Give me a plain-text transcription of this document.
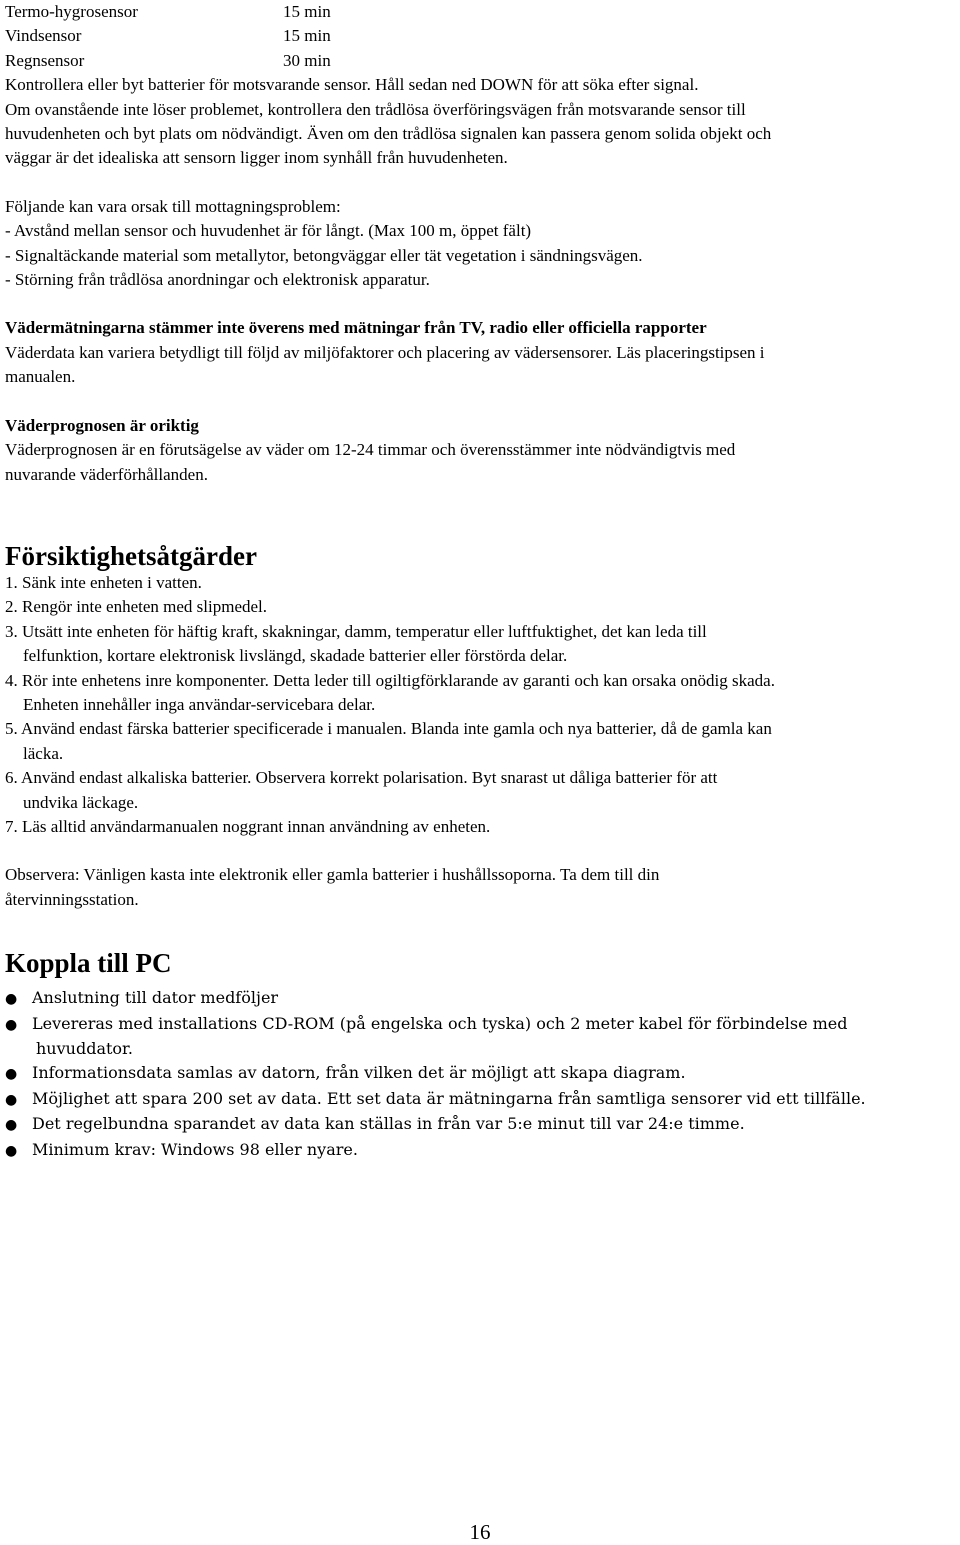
Termo-hygrosensor	15 min
Vindsensor	15 min
Regnsensor	30 min
Kontrollera eller byt batterier för motsvarande sensor. Håll sedan ned DOWN för att söka efter signal.
Om ovanstående inte löser problemet, kontrollera den trådlösa överföringsvägen från motsvarande sensor till
huvudenheten och byt plats om nödvändigt. Även om den trådlösa signalen kan passera genom solida objekt och
väggar är det idealiska att sensorn ligger inom synhåll från huvudenheten.
Följande kan vara orsak till mottagningsproblem:
- Avstånd mellan sensor och huvudenhet är för långt. (Max 100 m, öppet fält)
- Signaltäckande material som metallytor, betongväggar eller tät vegetation i sändningsvägen.
- Störning från trådlösa anordningar och elektronisk apparatur.
Vädermätningarna stämmer inte överens med mätningar från TV, radio eller officiella rapporter
Väderdata kan variera betydligt till följd av miljöfaktorer och placering av vädersensorer. Läs placeringstipsen i
manualen.
Väderprognosen är oriktig
Väderprognosen är en förutsägelse av väder om 12-24 timmar och överensstämmer inte nödvändigtvis med
nuvarande väderförhållanden.
Försiktighetsåtgärder
1. Sänk inte enheten i vatten.
2. Rengör inte enheten med slipmedel.
3. Utsätt inte enheten för häftig kraft, skakningar, damm, temperatur eller luftfuktighet, det kan leda till
felfunktion, kortare elektronisk livslängd, skadade batterier eller förstörda delar.
4. Rör inte enhetens inre komponenter. Detta leder till ogiltigförklarande av garanti och kan orsaka onödig skada.
Enheten innehåller inga användar-servicebara delar.
5. Använd endast färska batterier specificerade i manualen. Blanda inte gamla och nya batterier, då de gamla kan
läcka.
6. Använd endast alkaliska batterier. Observera korrekt polarisation. Byt snarast ut dåliga batterier för att
undvika läckage.
7. Läs alltid användarmanualen noggrant innan användning av enheten.
Observera: Vänligen kasta inte elektronik eller gamla batterier i hushållssoporna. Ta dem till din
återvinningsstation.
Koppla till PC
● Anslutning till dator medföljer
● Levereras med installations CD-ROM (på engelska och tyska) och 2 meter kabel för förbindelse med
huvuddator.
● Informationsdata samlas av datorn, från vilken det är möjligt att skapa diagram.
● Möjlighet att spara 200 set av data. Ett set data är mätningarna från samtliga sensorer vid ett tillfälle.
● Det regelbundna sparandet av data kan ställas in från var 5:e minut till var 24:e timme.
● Minimum krav: Windows 98 eller nyare.
16
